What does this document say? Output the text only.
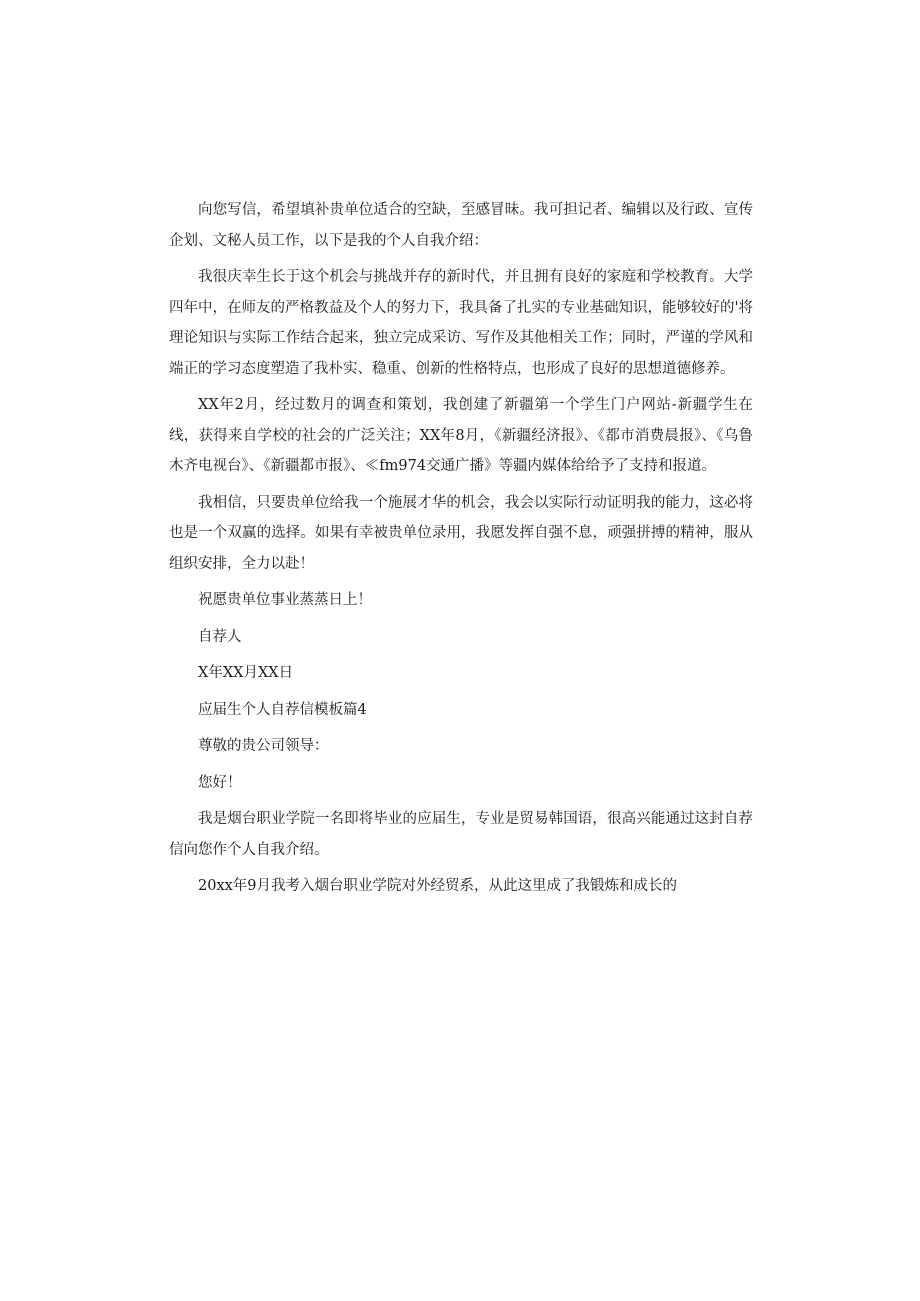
向您写信，希望填补贵单位适合的空缺，至感冒昧。我可担记者、编辑以及行政、宣传企划、文秘人员工作，以下是我的个人自我介绍：

我很庆幸生长于这个机会与挑战并存的新时代，并且拥有良好的家庭和学校教育。大学四年中，在师友的严格教益及个人的努力下，我具备了扎实的专业基础知识，能够较好的'将理论知识与实际工作结合起来，独立完成采访、写作及其他相关工作；同时，严谨的学风和端正的学习态度塑造了我朴实、稳重、创新的性格特点，也形成了良好的思想道德修养。

XX年2月，经过数月的调查和策划，我创建了新疆第一个学生门户网站-新疆学生在线，获得来自学校的社会的广泛关注；XX年8月，《新疆经济报》、《都市消费晨报》、《乌鲁木齐电视台》、《新疆都市报》、≪fm974交通广播》等疆内媒体给给予了支持和报道。

我相信，只要贵单位给我一个施展才华的机会，我会以实际行动证明我的能力，这必将也是一个双赢的选择。如果有幸被贵单位录用，我愿发挥自强不息，顽强拼搏的精神，服从组织安排，全力以赴！

祝愿贵单位事业蒸蒸日上！

自荐人

X年XX月XX日

应届生个人自荐信模板篇4

尊敬的贵公司领导：

您好！

我是烟台职业学院一名即将毕业的应届生，专业是贸易韩国语，很高兴能通过这封自荐信向您作个人自我介绍。

20xx年9月我考入烟台职业学院对外经贸系，从此这里成了我锻炼和成长的
